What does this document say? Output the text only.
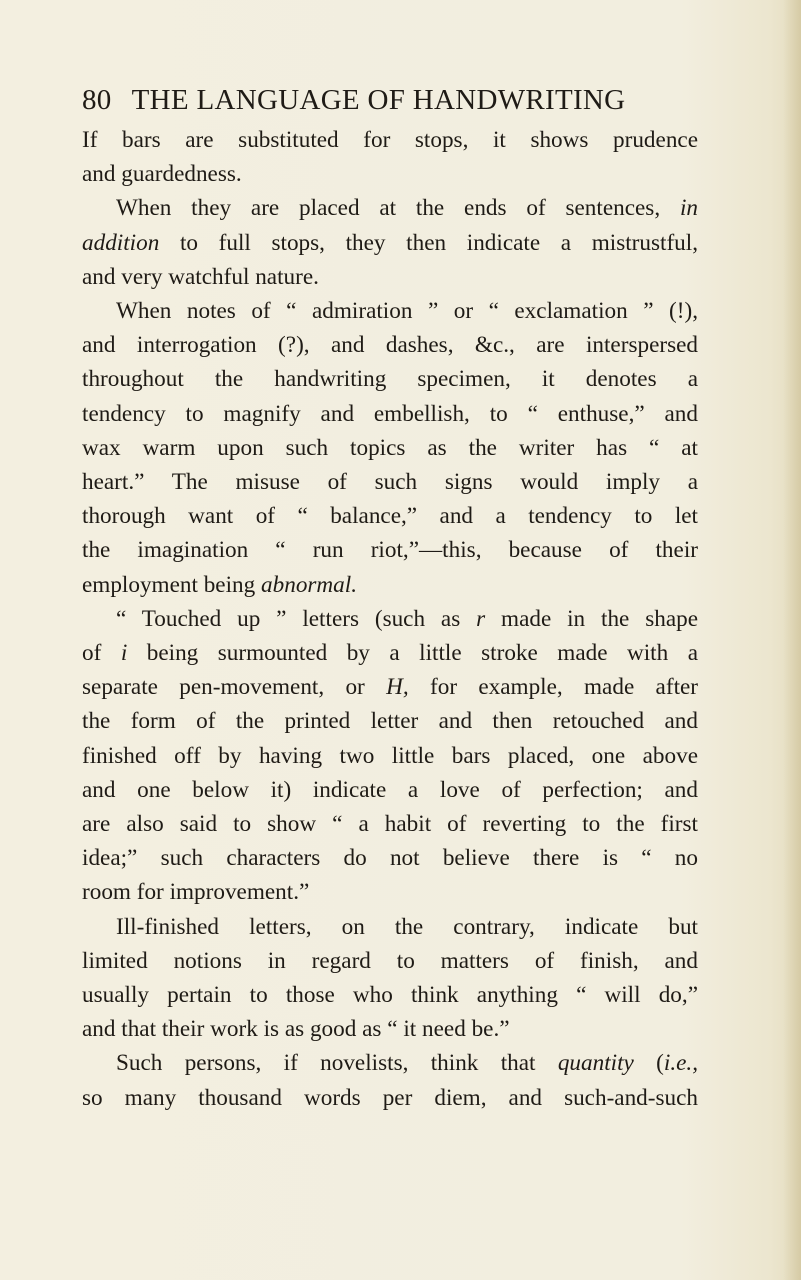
80 THE LANGUAGE OF HANDWRITING
If bars are substituted for stops, it shows prudence
and guardedness.
When they are placed at the ends of sentences, in
addition to full stops, they then indicate a mistrustful,
and very watchful nature.
When notes of “ admiration ” or “ exclamation ” (!),
and interrogation (?), and dashes, &c., are interspersed
throughout the handwriting specimen, it denotes a
tendency to magnify and embellish, to “ enthuse,” and
wax warm upon such topics as the writer has “ at
heart.” The misuse of such signs would imply a
thorough want of “ balance,” and a tendency to let
the imagination “ run riot,”—this, because of their
employment being abnormal.
“ Touched up ” letters (such as r made in the shape
of i being surmounted by a little stroke made with a
separate pen-movement, or H, for example, made after
the form of the printed letter and then retouched and
finished off by having two little bars placed, one above
and one below it) indicate a love of perfection; and
are also said to show “ a habit of reverting to the first
idea;” such characters do not believe there is “ no
room for improvement.”
Ill-finished letters, on the contrary, indicate but
limited notions in regard to matters of finish, and
usually pertain to those who think anything “ will do,”
and that their work is as good as “ it need be.”
Such persons, if novelists, think that quantity (i.e.,
so many thousand words per diem, and such-and-such
